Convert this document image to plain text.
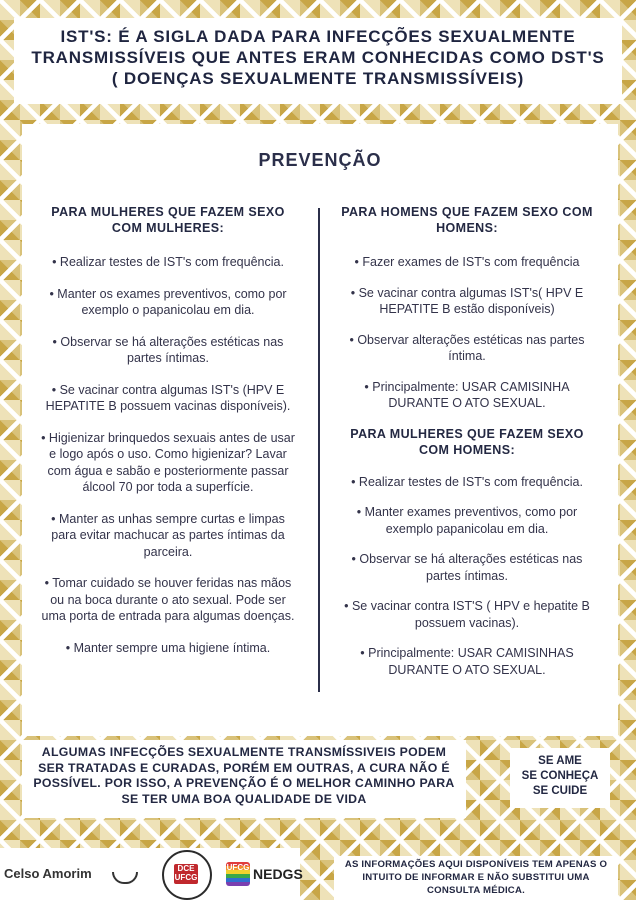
IST'S: É A SIGLA DADA PARA INFECÇÕES SEXUALMENTE TRANSMISSÍVEIS QUE ANTES ERAM CONHECIDAS COMO DST'S ( DOENÇAS SEXUALMENTE TRANSMISSÍVEIS)
PREVENÇÃO
PARA MULHERES QUE FAZEM SEXO COM MULHERES:

• Realizar testes de IST's com frequência.

• Manter os exames preventivos, como por exemplo o papanicolau em dia.

• Observar se há alterações estéticas nas partes íntimas.

• Se vacinar contra algumas IST's (HPV E HEPATITE B possuem vacinas disponíveis).

• Higienizar brinquedos sexuais antes de usar e logo após o uso. Como higienizar? Lavar com água e sabão e posteriormente passar álcool 70 por toda a superfície.

• Manter as unhas sempre curtas e limpas para evitar machucar as partes íntimas da parceira.

• Tomar cuidado se houver feridas nas mãos ou na boca durante o ato sexual. Pode ser uma porta de entrada para algumas doenças.

• Manter sempre uma higiene íntima.

PARA HOMENS QUE FAZEM SEXO COM HOMENS:

• Fazer exames de IST's com frequência

• Se vacinar contra algumas IST's( HPV E HEPATITE B estão disponíveis)

• Observar alterações estéticas nas partes íntima.

• Principalmente: USAR CAMISINHA DURANTE O ATO SEXUAL.

PARA MULHERES QUE FAZEM SEXO COM HOMENS:

• Realizar testes de IST's com frequência.

• Manter exames preventivos, como por exemplo papanicolau em dia.

• Observar se há alterações estéticas nas partes íntimas.

• Se vacinar contra IST'S ( HPV e hepatite B possuem vacinas).

• Principalmente: USAR CAMISINHAS DURANTE O ATO SEXUAL.

ALGUMAS INFECÇÕES SEXUALMENTE TRANSMÍSSIVEIS PODEM SER TRATADAS E CURADAS, PORÉM EM OUTRAS, A CURA NÃO É POSSÍVEL. POR ISSO, A PREVENÇÃO É O MELHOR CAMINHO PARA SE TER UMA BOA QUALIDADE DE VIDA

SE AME
SE CONHEÇA
SE CUIDE

Celso Amorim	DCE UFCG
UFCG NEDGS

AS INFORMAÇÕES AQUI DISPONÍVEIS TEM APENAS O INTUITO DE INFORMAR E NÃO SUBSTITUI UMA CONSULTA MÉDICA.
